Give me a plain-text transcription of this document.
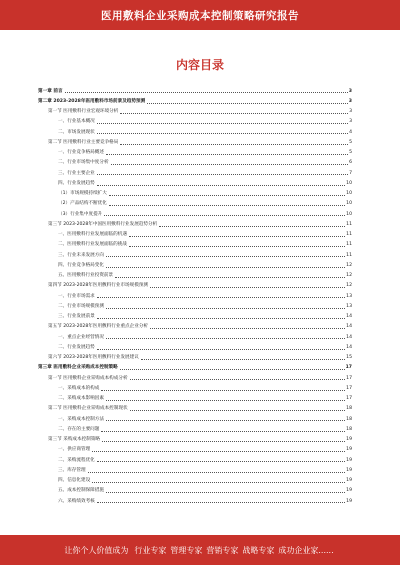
医用敷料企业采购成本控制策略研究报告
内容目录
第一章 前言	3
第二章 2023-2028年医用敷料市场前景及趋势预测	3
第一节 医用敷料行业宏观环境分析	3
一、行业基本概况	3
二、市场发展现状	4
第二节 医用敷料行业主要竞争格局	5
一、行业竞争格局概述	5
二、行业市场集中度分析	6
三、行业主要企业	7
四、行业发展趋势	10
（1）市场规模持续扩大	10
（2）产品结构不断优化	10
（3）行业集中度提升	10
第三节 2023-2028年中国医用敷料行业发展趋势分析	11
一、医用敷料行业发展面临的机遇	11
二、医用敷料行业发展面临的挑战	11
三、行业未来发展方向	11
四、行业竞争格局变化	12
五、医用敷料行业投资前景	12
第四节 2023-2028年医用敷料行业市场规模预测	12
一、行业市场需求	13
二、行业市场规模预测	13
三、行业发展前景	14
第五节 2023-2028年医用敷料行业重点企业分析	14
一、重点企业经营情况	14
二、行业发展趋势	14
第六节 2023-2028年医用敷料行业发展建议	15
第三章 医用敷料企业采购成本控制策略	17
第一节 医用敷料企业采购成本构成分析	17
一、采购成本的构成	17
二、采购成本影响因素	17
第二节 医用敷料企业采购成本控制现状	18
一、采购成本控制方法	18
二、存在的主要问题	18
第三节 采购成本控制策略	19
一、供应商管理	19
二、采购流程优化	19
三、库存管理	19
四、信息化建设	19
五、成本控制保障措施	19
六、采购绩效考核	19
让你个人价值成为 行业专家 管理专家 营销专家 战略专家 成功企业家......
